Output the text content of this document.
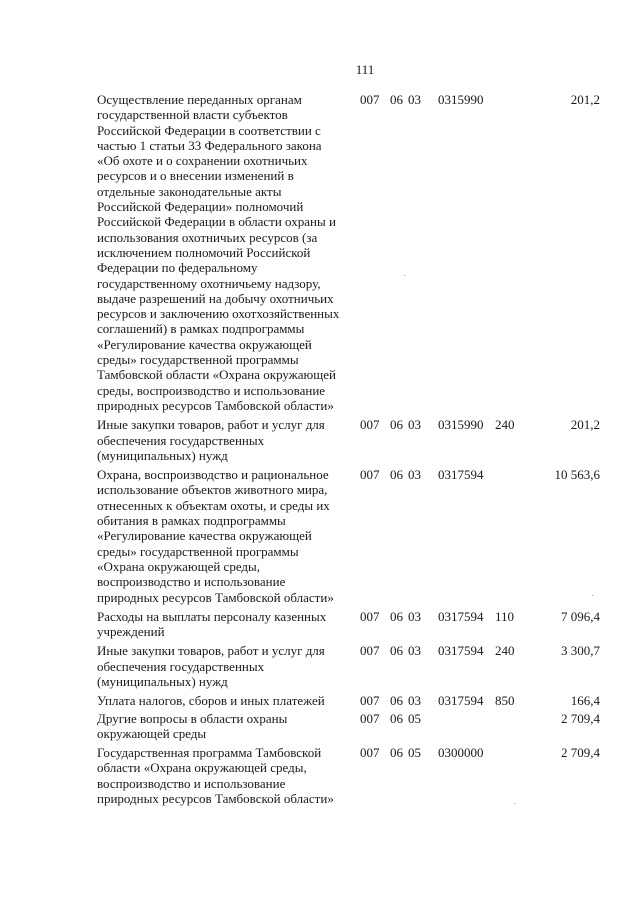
111
Осуществление переданных органам государственной власти субъектов Российской Федерации в соответствии с частью 1 статьи 33 Федерального закона «Об охоте и о сохранении охотничьих ресурсов и о внесении изменений в отдельные законодательные акты Российской Федерации» полномочий Российской Федерации в области охраны и использования охотничьих ресурсов (за исключением полномочий Российской Федерации по федеральному государственному охотничьему надзору, выдаче разрешений на добычу охотничьих ресурсов и заключению охотхозяйственных соглашений) в рамках подпрограммы «Регулирование качества окружающей среды» государственной программы Тамбовской области «Охрана окружающей среды, воспроизводство и использование природных ресурсов Тамбовской области»
007 06 03 0315990	201,2
Иные закупки товаров, работ и услуг для обеспечения государственных (муниципальных) нужд
007 06 03 0315990 240	201,2
Охрана, воспроизводство и рациональное использование объектов животного мира, отнесенных к объектам охоты, и среды их обитания в рамках подпрограммы «Регулирование качества окружающей среды» государственной программы «Охрана окружающей среды, воспроизводство и использование природных ресурсов Тамбовской области»
007 06 03 0317594	10 563,6
Расходы на выплаты персоналу казенных учреждений
007 06 03 0317594 110	7 096,4
Иные закупки товаров, работ и услуг для обеспечения государственных (муниципальных) нужд
007 06 03 0317594 240	3 300,7
Уплата налогов, сборов и иных платежей	007 06 03 0317594 850	166,4
Другие вопросы в области охраны окружающей среды
007 06 05	2 709,4
Государственная программа Тамбовской области «Охрана окружающей среды, воспроизводство и использование природных ресурсов Тамбовской области»
007 06 05 0300000	2 709,4
